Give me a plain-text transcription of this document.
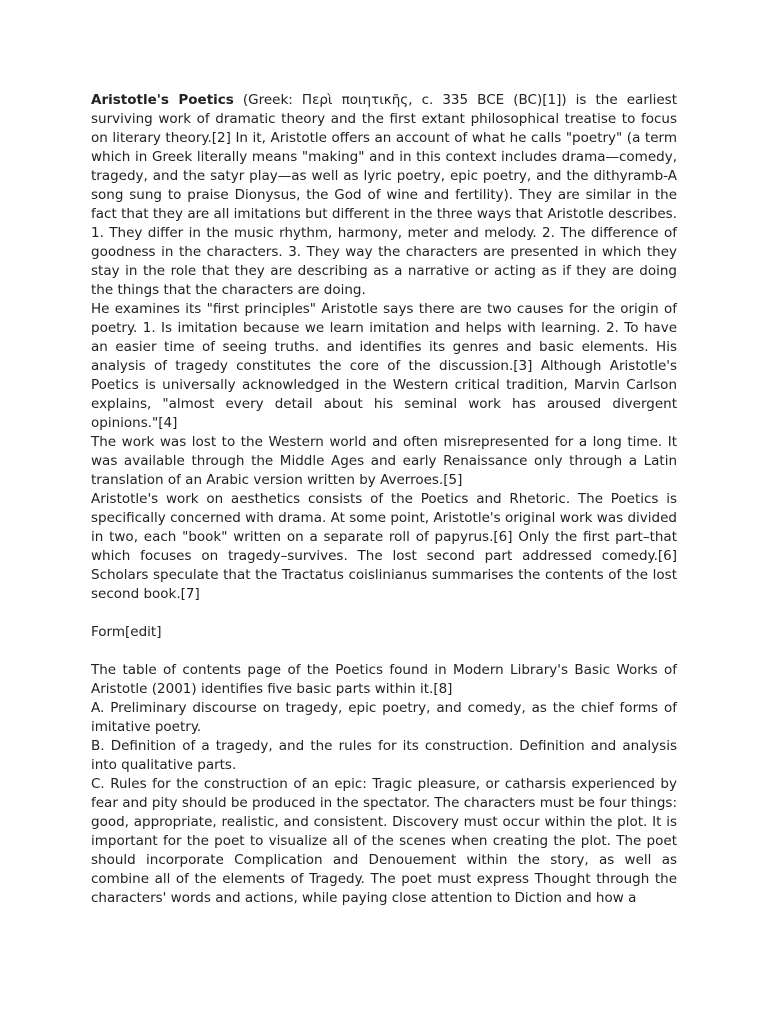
Aristotle's Poetics (Greek: Περὶ ποιητικῆς, c. 335 BCE (BC)[1]) is the earliest surviving work of dramatic theory and the first extant philosophical treatise to focus on literary theory.[2] In it, Aristotle offers an account of what he calls "poetry" (a term which in Greek literally means "making" and in this context includes drama—comedy, tragedy, and the satyr play—as well as lyric poetry, epic poetry, and the dithyramb-A song sung to praise Dionysus, the God of wine and fertility). They are similar in the fact that they are all imitations but different in the three ways that Aristotle describes. 1. They differ in the music rhythm, harmony, meter and melody. 2. The difference of goodness in the characters. 3. They way the characters are presented in which they stay in the role that they are describing as a narrative or acting as if they are doing the things that the characters are doing.

He examines its "first principles" Aristotle says there are two causes for the origin of poetry. 1. Is imitation because we learn imitation and helps with learning. 2. To have an easier time of seeing truths. and identifies its genres and basic elements. His analysis of tragedy constitutes the core of the discussion.[3] Although Aristotle's Poetics is universally acknowledged in the Western critical tradition, Marvin Carlson explains, "almost every detail about his seminal work has aroused divergent opinions."[4]

The work was lost to the Western world and often misrepresented for a long time. It was available through the Middle Ages and early Renaissance only through a Latin translation of an Arabic version written by Averroes.[5]

Aristotle's work on aesthetics consists of the Poetics and Rhetoric. The Poetics is specifically concerned with drama. At some point, Aristotle's original work was divided in two, each "book" written on a separate roll of papyrus.[6] Only the first part–that which focuses on tragedy–survives. The lost second part addressed comedy.[6] Scholars speculate that the Tractatus coislinianus summarises the contents of the lost second book.[7]

Form[edit]

The table of contents page of the Poetics found in Modern Library's Basic Works of Aristotle (2001) identifies five basic parts within it.[8]

A. Preliminary discourse on tragedy, epic poetry, and comedy, as the chief forms of imitative poetry.

B. Definition of a tragedy, and the rules for its construction. Definition and analysis into qualitative parts.

C. Rules for the construction of an epic: Tragic pleasure, or catharsis experienced by fear and pity should be produced in the spectator. The characters must be four things: good, appropriate, realistic, and consistent. Discovery must occur within the plot. It is important for the poet to visualize all of the scenes when creating the plot. The poet should incorporate Complication and Denouement within the story, as well as combine all of the elements of Tragedy. The poet must express Thought through the characters' words and actions, while paying close attention to Diction and how a
